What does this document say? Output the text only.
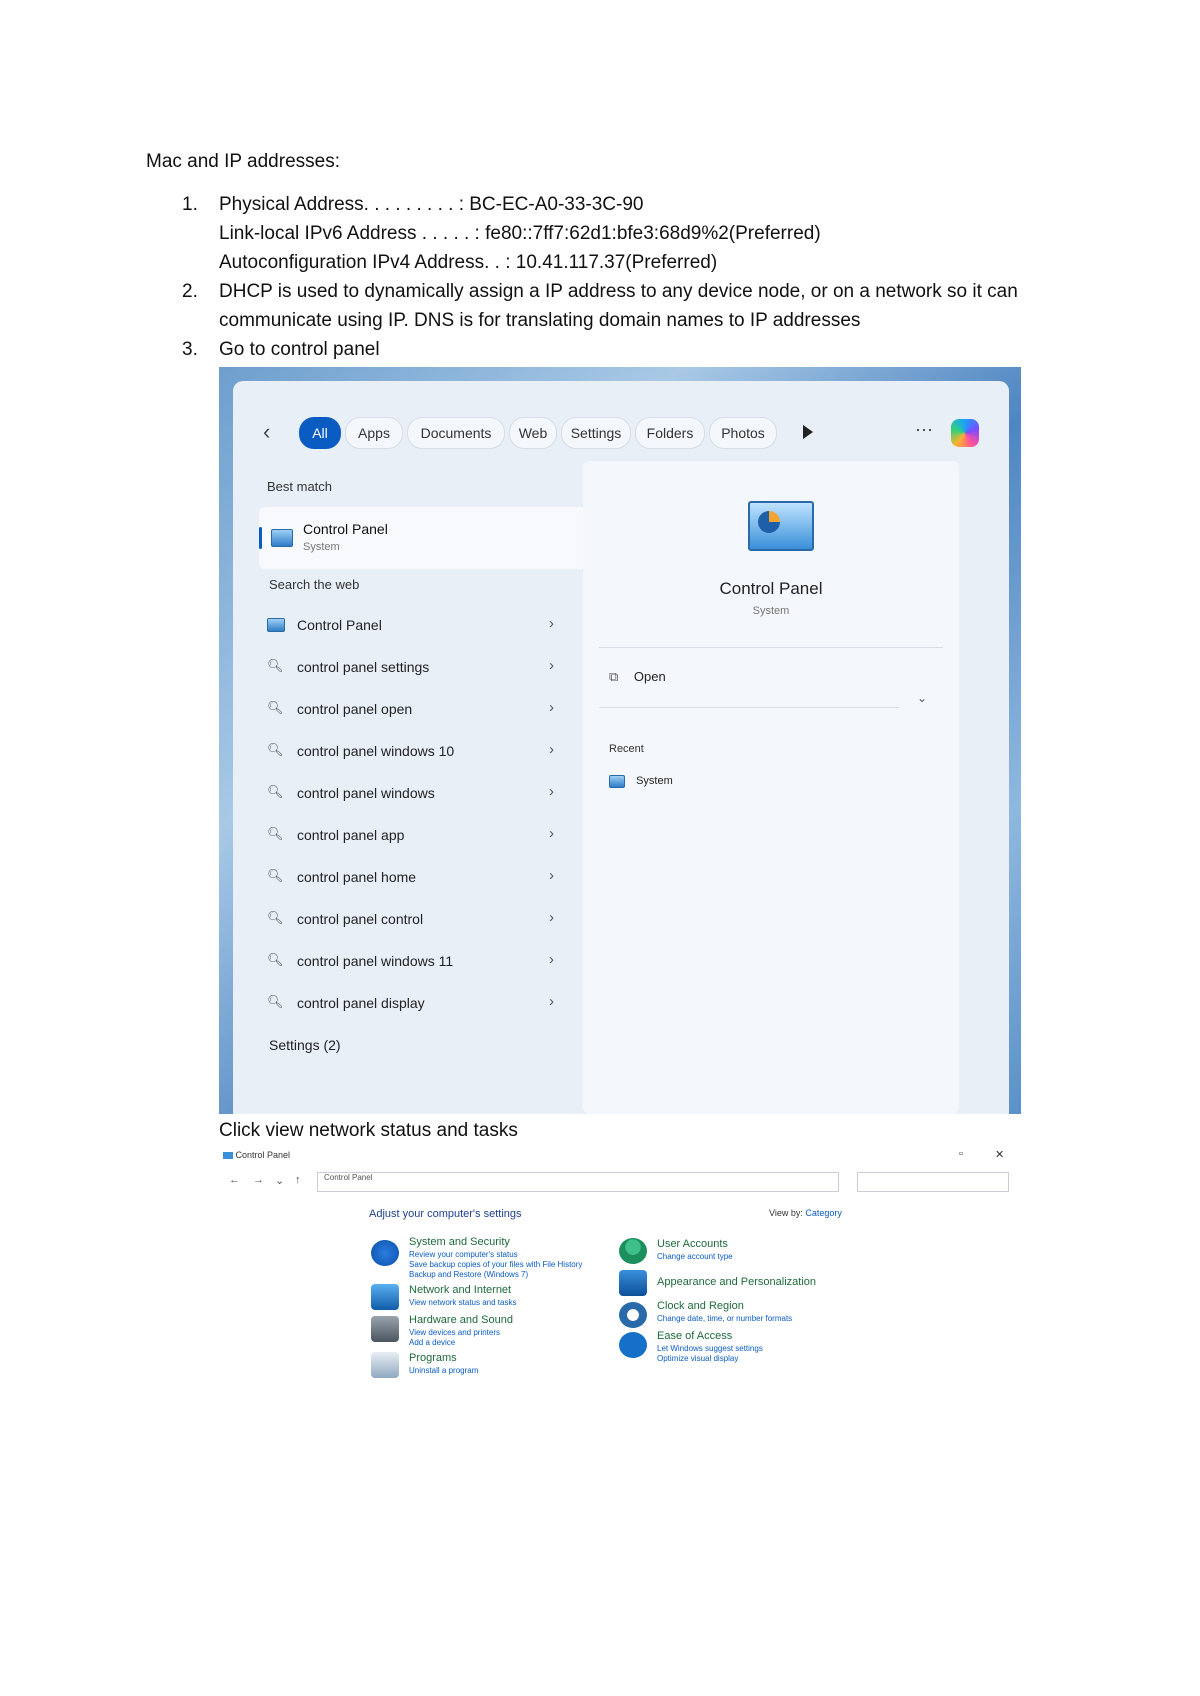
Mac and IP addresses:
1. Physical Address. . . . . . . . . : BC-EC-A0-33-3C-90
Link-local IPv6 Address . . . . . : fe80::7ff7:62d1:bfe3:68d9%2(Preferred)
Autoconfiguration IPv4 Address. . : 10.41.117.37(Preferred)
2. DHCP is used to dynamically assign a IP address to any device node, or on a network so it can
communicate using IP. DNS is for translating domain names to IP addresses
3. Go to control panel
‹	All	Apps	Documents	Web	Settings	Folders	Photos	···
Best match
Control Panel
System
Search the web
Control Panel	›
🔍︎ control panel settings	›
🔍︎ control panel open	›
🔍︎ control panel windows 10	›
🔍︎ control panel windows	›
🔍︎ control panel app	›
🔍︎ control panel home	›
🔍︎ control panel control	›
🔍︎ control panel windows 11	›
🔍︎ control panel display	›
Settings (2)
Control Panel
System
⧉ Open
⌄
Recent
System
Click view network status and tasks
Control Panel	▫	✕
← → ⌄ ↑	Control Panel
Adjust your computer's settings	View by: Category
System and Security
Review your computer's status
Save backup copies of your files with File History
Backup and Restore (Windows 7)
Network and Internet
View network status and tasks
Hardware and Sound
View devices and printers
Add a device
Programs
Uninstall a program
User Accounts
Change account type
Appearance and Personalization
Clock and Region
Change date, time, or number formats
Ease of Access
Let Windows suggest settings
Optimize visual display
